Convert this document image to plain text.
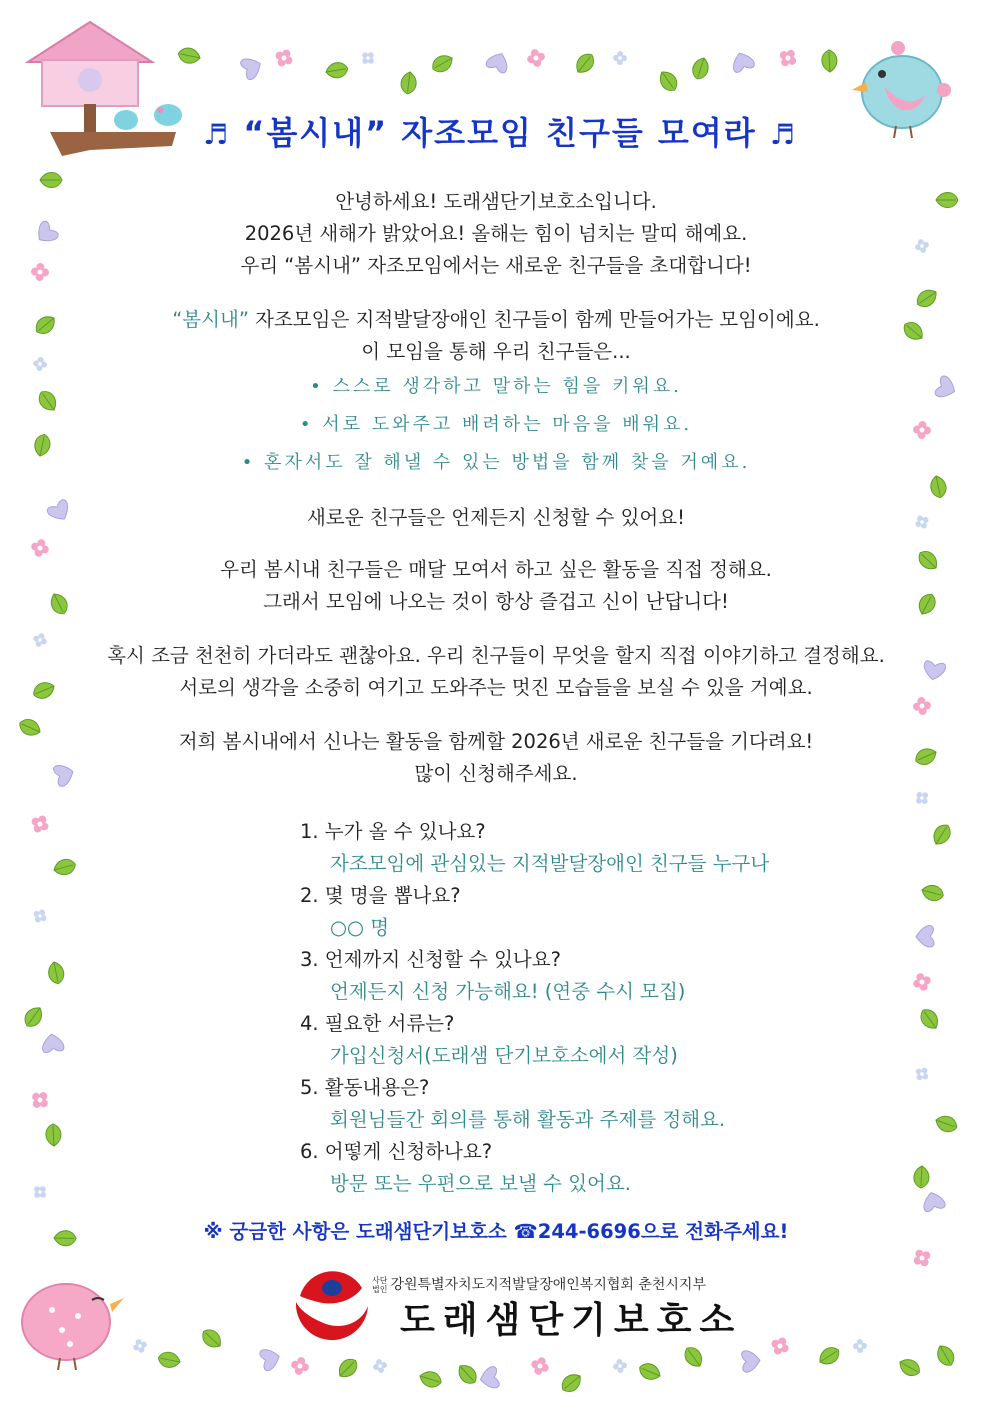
♬ “봄시내” 자조모임 친구들 모여라 ♬
안녕하세요! 도래샘단기보호소입니다.
2026년 새해가 밝았어요! 올해는 힘이 넘치는 말띠 해예요.
우리 “봄시내” 자조모임에서는 새로운 친구들을 초대합니다!
“봄시내” 자조모임은 지적발달장애인 친구들이 함께 만들어가는 모임이에요.
이 모임을 통해 우리 친구들은...
• 스스로 생각하고 말하는 힘을 키워요.
• 서로 도와주고 배려하는 마음을 배워요.
• 혼자서도 잘 해낼 수 있는 방법을 함께 찾을 거예요.
새로운 친구들은 언제든지 신청할 수 있어요!
우리 봄시내 친구들은 매달 모여서 하고 싶은 활동을 직접 정해요.
그래서 모임에 나오는 것이 항상 즐겁고 신이 난답니다!
혹시 조금 천천히 가더라도 괜찮아요. 우리 친구들이 무엇을 할지 직접 이야기하고 결정해요.
서로의 생각을 소중히 여기고 도와주는 멋진 모습들을 보실 수 있을 거예요.
저희 봄시내에서 신나는 활동을 함께할 2026년 새로운 친구들을 기다려요!
많이 신청해주세요.
1. 누가 올 수 있나요?
자조모임에 관심있는 지적발달장애인 친구들 누구나
2. 몇 명을 뽑나요?
○○ 명
3. 언제까지 신청할 수 있나요?
언제든지 신청 가능해요! (연중 수시 모집)
4. 필요한 서류는?
가입신청서(도래샘 단기보호소에서 작성)
5. 활동내용은?
회원님들간 회의를 통해 활동과 주제를 정해요.
6. 어떻게 신청하나요?
방문 또는 우편으로 보낼 수 있어요.
※ 궁금한 사항은 도래샘단기보호소 ☎244-6696으로 전화주세요!
사단
법인 강원특별자치도지적발달장애인복지협회 춘천시지부
도래샘단기보호소
